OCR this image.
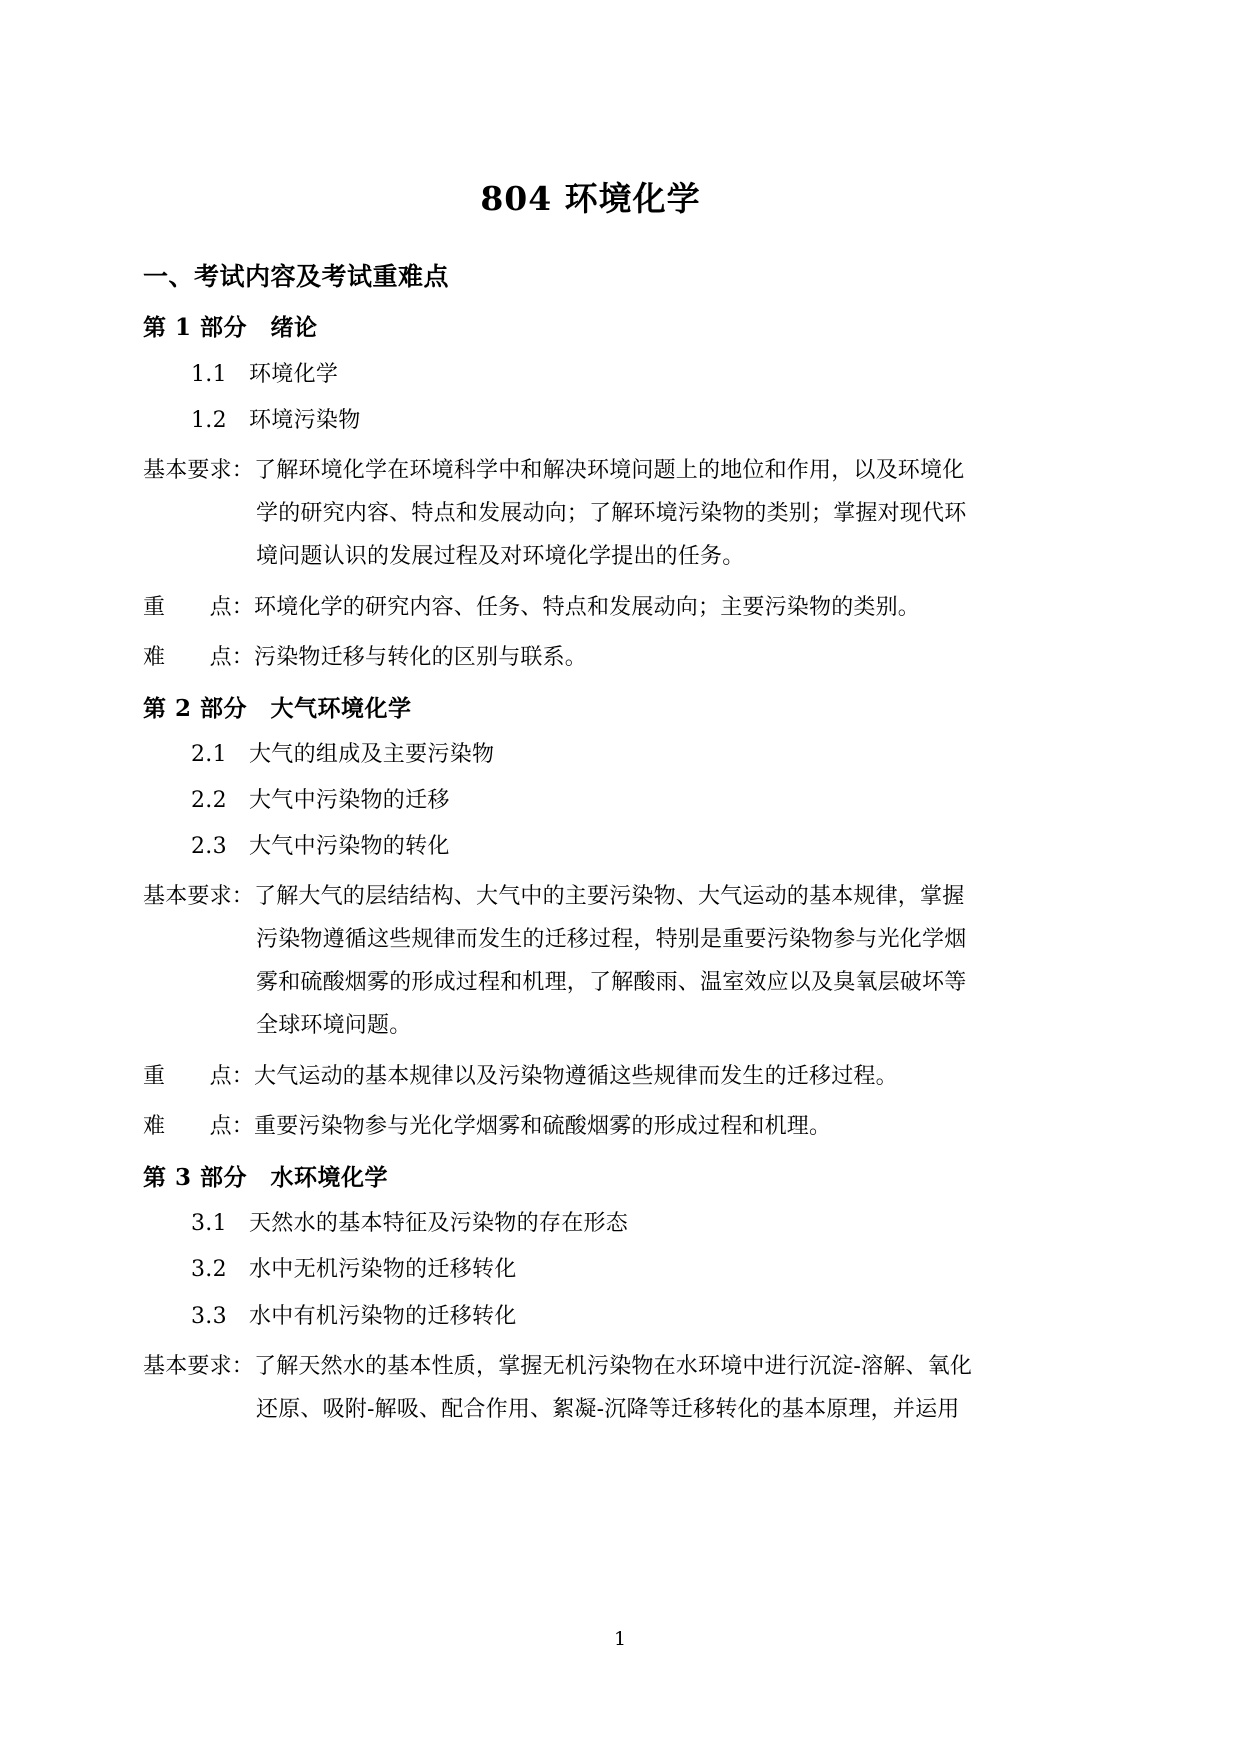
804 环境化学
一、考试内容及考试重难点
第 1 部分　绪论

1.1 环境化学

1.2 环境污染物

基本要求：了解环境化学在环境科学中和解决环境问题上的地位和作用，以及环境化
学的研究内容、特点和发展动向；了解环境污染物的类别；掌握对现代环
境问题认识的发展过程及对环境化学提出的任务。

重　　点：环境化学的研究内容、任务、特点和发展动向；主要污染物的类别。

难　　点：污染物迁移与转化的区别与联系。

第 2 部分　大气环境化学

2.1 大气的组成及主要污染物

2.2 大气中污染物的迁移

2.3 大气中污染物的转化

基本要求：了解大气的层结结构、大气中的主要污染物、大气运动的基本规律，掌握
污染物遵循这些规律而发生的迁移过程，特别是重要污染物参与光化学烟
雾和硫酸烟雾的形成过程和机理，了解酸雨、温室效应以及臭氧层破坏等
全球环境问题。

重　　点：大气运动的基本规律以及污染物遵循这些规律而发生的迁移过程。

难　　点：重要污染物参与光化学烟雾和硫酸烟雾的形成过程和机理。

第 3 部分　水环境化学

3.1 天然水的基本特征及污染物的存在形态

3.2 水中无机污染物的迁移转化

3.3 水中有机污染物的迁移转化

基本要求：了解天然水的基本性质，掌握无机污染物在水环境中进行沉淀-溶解、氧化
还原、吸附-解吸、配合作用、絮凝-沉降等迁移转化的基本原理，并运用
1
